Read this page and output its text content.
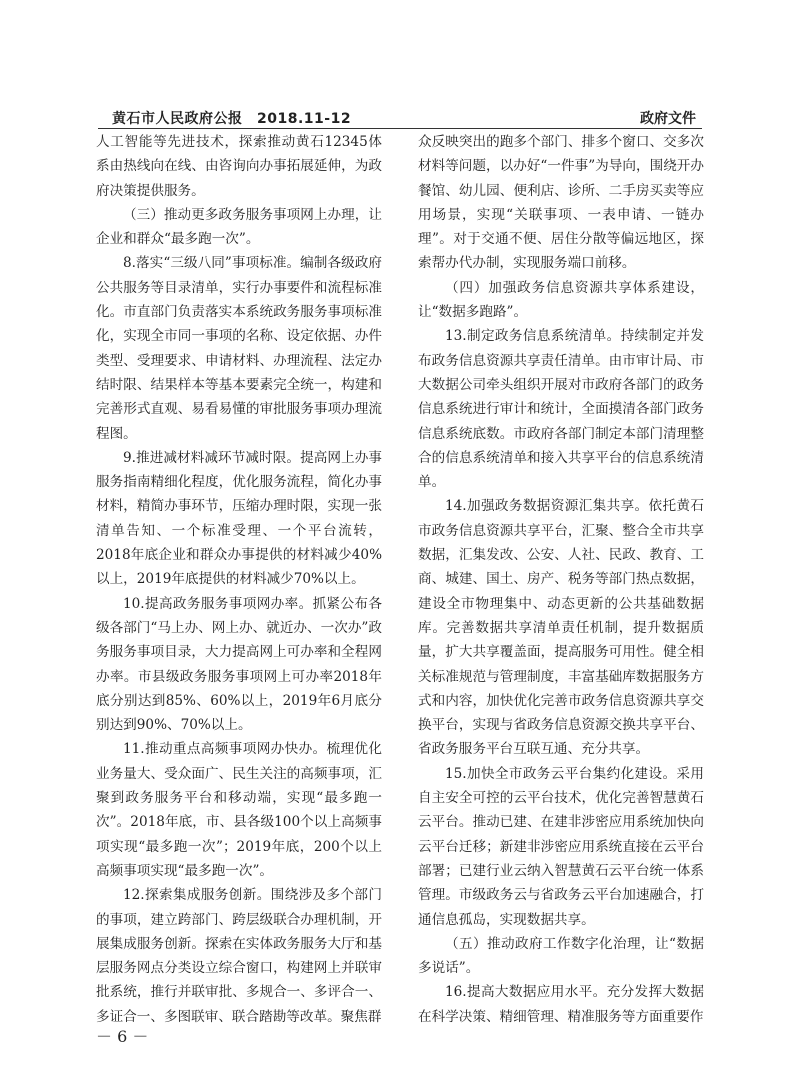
黄石市人民政府公报　2018.11-12	政府文件

人工智能等先进技术，探索推动黄石12345体系由热线向在线、由咨询向办事拓展延伸，为政府决策提供服务。

（三）推动更多政务服务事项网上办理，让企业和群众“最多跑一次”。

8.落实“三级八同”事项标准。编制各级政府公共服务等目录清单，实行办事要件和流程标准化。市直部门负责落实本系统政务服务事项标准化，实现全市同一事项的名称、设定依据、办件类型、受理要求、申请材料、办理流程、法定办结时限、结果样本等基本要素完全统一，构建和完善形式直观、易看易懂的审批服务事项办理流程图。

9.推进减材料减环节减时限。提高网上办事服务指南精细化程度，优化服务流程，简化办事材料，精简办事环节，压缩办理时限，实现一张清单告知、一个标准受理、一个平台流转，2018年底企业和群众办事提供的材料减少40%以上，2019年底提供的材料减少70%以上。

10.提高政务服务事项网办率。抓紧公布各级各部门“马上办、网上办、就近办、一次办”政务服务事项目录，大力提高网上可办率和全程网办率。市县级政务服务事项网上可办率2018年底分别达到85%、60%以上，2019年6月底分别达到90%、70%以上。

11.推动重点高频事项网办快办。梳理优化业务量大、受众面广、民生关注的高频事项，汇聚到政务服务平台和移动端，实现“最多跑一次”。2018年底，市、县各级100个以上高频事项实现“最多跑一次”；2019年底，200个以上高频事项实现“最多跑一次”。

12.探索集成服务创新。围绕涉及多个部门的事项，建立跨部门、跨层级联合办理机制，开展集成服务创新。探索在实体政务服务大厅和基层服务网点分类设立综合窗口，构建网上并联审批系统，推行并联审批、多规合一、多评合一、多证合一、多图联审、联合踏勘等改革。聚焦群

众反映突出的跑多个部门、排多个窗口、交多次材料等问题，以办好“一件事”为导向，围绕开办餐馆、幼儿园、便利店、诊所、二手房买卖等应用场景，实现“关联事项、一表申请、一链办理”。对于交通不便、居住分散等偏远地区，探索帮办代办制，实现服务端口前移。

（四）加强政务信息资源共享体系建设，让“数据多跑路”。

13.制定政务信息系统清单。持续制定并发布政务信息资源共享责任清单。由市审计局、市大数据公司牵头组织开展对市政府各部门的政务信息系统进行审计和统计，全面摸清各部门政务信息系统底数。市政府各部门制定本部门清理整合的信息系统清单和接入共享平台的信息系统清单。

14.加强政务数据资源汇集共享。依托黄石市政务信息资源共享平台，汇聚、整合全市共享数据，汇集发改、公安、人社、民政、教育、工商、城建、国土、房产、税务等部门热点数据，建设全市物理集中、动态更新的公共基础数据库。完善数据共享清单责任机制，提升数据质量，扩大共享覆盖面，提高服务可用性。健全相关标准规范与管理制度，丰富基础库数据服务方式和内容，加快优化完善市政务信息资源共享交换平台，实现与省政务信息资源交换共享平台、省政务服务平台互联互通、充分共享。

15.加快全市政务云平台集约化建设。采用自主安全可控的云平台技术，优化完善智慧黄石云平台。推动已建、在建非涉密应用系统加快向云平台迁移；新建非涉密应用系统直接在云平台部署；已建行业云纳入智慧黄石云平台统一体系管理。市级政务云与省政务云平台加速融合，打通信息孤岛，实现数据共享。

（五）推动政府工作数字化治理，让“数据多说话”。

16.提高大数据应用水平。充分发挥大数据在科学决策、精细管理、精准服务等方面重要作

－ 6 －
